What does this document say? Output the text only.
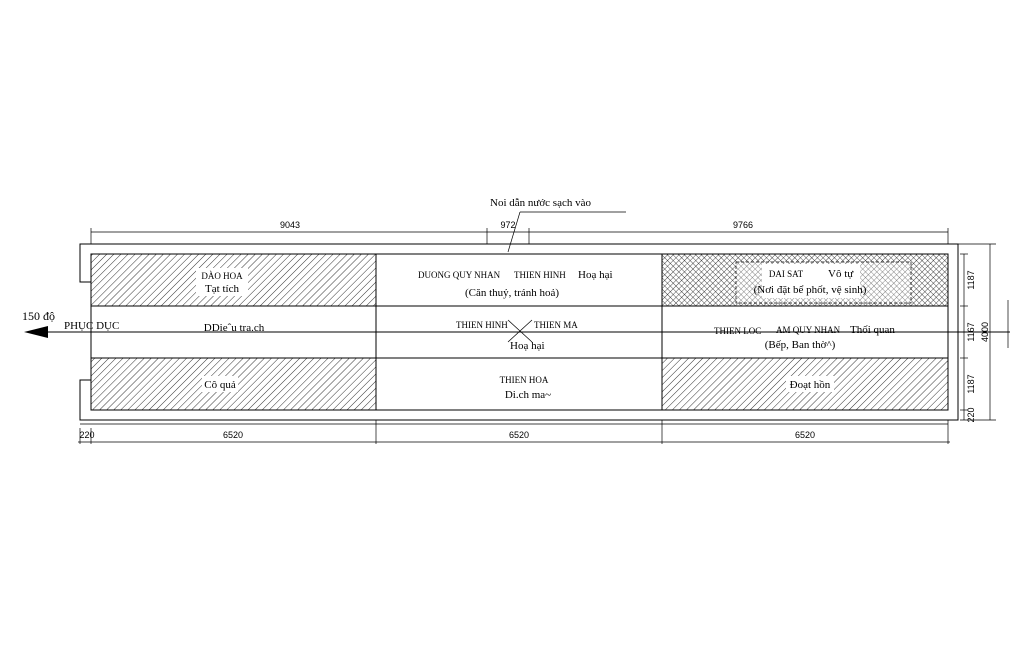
Noi dẫn nước sạch vào
150 độ
PHỤC DỤC
9043	972	9766
220	6520	6520	6520
1187
1167
1187
220
4000
DÀO HOA
Tạt tích
DUONG QUY NHAN THIEN HINH Hoạ hại
(Căn thuỷ, tránh hoả)
DAI SAT Vô tự
(Nơi đặt bể phốt, vệ sinh)
DDieˆu tra.ch	THIEN HINH	THIEN MA
Hoạ hại
THIEN LOC AM QUY NHAN Thối quan
(Bếp, Ban thờ^)
Cô quả	THIEN HOA
Di.ch ma~
Đoạt hồn
